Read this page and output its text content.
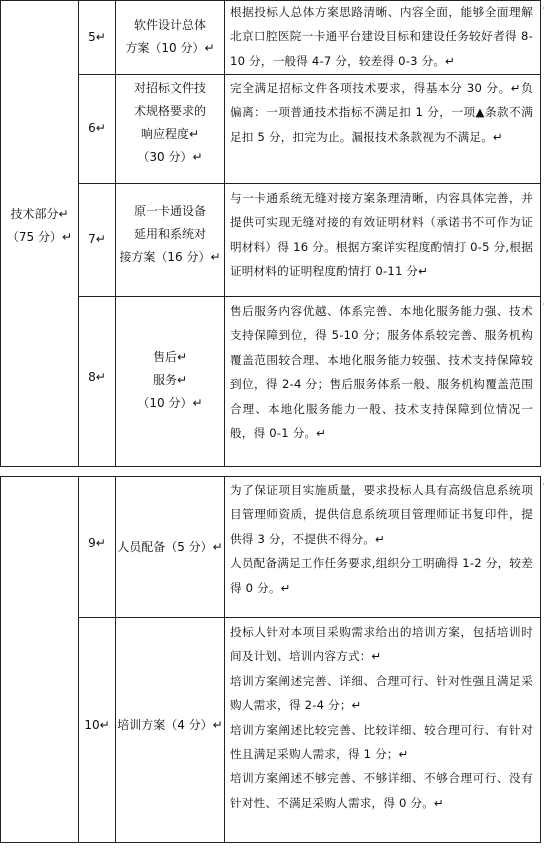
技术部分↵
（75 分）↵
5↵
软件设计总体
方案（10 分）↵

根据投标人总体方案思路清晰、内容全面，能够全面理解北京口腔医院一卡通平台建设目标和建设任务较好者得 8-10 分，一般得 4-7 分，较差得 0-3 分。↵

6↵
对招标文件技
术规格要求的
响应程度↵
（30 分）↵

完全满足招标文件各项技术要求，得基本分 30 分。↵负偏离：一项普通技术指标不满足扣 1 分，一项▲条款不满足扣 5 分，扣完为止。漏报技术条款视为不满足。↵

7↵
原一卡通设备
延用和系统对
接方案（16 分）↵

与一卡通系统无缝对接方案条理清晰，内容具体完善，并提供可实现无缝对接的有效证明材料（承诺书不可作为证明材料）得 16 分。根据方案详实程度酌情打 0-5 分,根据证明材料的证明程度酌情打 0-11 分↵

8↵
售后↵
服务↵
（10 分）↵

售后服务内容优越、体系完善、本地化服务能力强、技术支持保障到位，得 5-10 分；服务体系较完善、服务机构覆盖范围较合理、本地化服务能力较强、技术支持保障较到位，得 2-4 分；售后服务体系一般、服务机构覆盖范围合理、本地化服务能力一般、技术支持保障到位情况一般，得 0-1 分。↵

9↵ 人员配备（5 分）↵

为了保证项目实施质量，要求投标人具有高级信息系统项目管理师资质，提供信息系统项目管理师证书复印件，提供得 3 分，不提供不得分。↵

人员配备满足工作任务要求,组织分工明确得 1-2 分，较差得 0 分。↵

10↵ 培训方案（4 分）↵

投标人针对本项目采购需求给出的培训方案，包括培训时间及计划、培训内容方式：↵

培训方案阐述完善、详细、合理可行、针对性强且满足采购人需求，得 2-4 分；↵

培训方案阐述比较完善、比较详细、较合理可行、有针对性且满足采购人需求，得 1 分；↵

培训方案阐述不够完善、不够详细、不够合理可行、没有针对性、不满足采购人需求，得 0 分。↵

·
·
·
